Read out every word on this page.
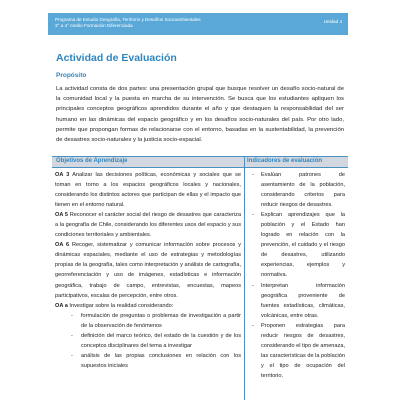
Programa de Estudio Geografía, Territorio y Desafíos Socioambientales
3° a 4° medio Formación Diferenciada
Unidad 4
Actividad de Evaluación
Propósito

La actividad consta de dos partes: una presentación grupal que busque resolver un desafío socio-natural de la comunidad local y la puesta en marcha de su intervención. Se busca que los estudiantes apliquen los principales conceptos geográficos aprendidos durante el año y que destaquen la responsabilidad del ser humano en las dinámicas del espacio geográfico y en los desafíos socio-naturales del país. Por otro lado, permite que propongan formas de relacionarse con el entorno, basadas en la sustentabilidad, la prevención de desastres socio-naturales y la justicia socio-espacial.

Objetivos de Aprendizaje	Indicadores de evaluación

OA 3 Analizar las decisiones políticas, económicas y sociales que se toman en torno a los espacios geográficos locales y nacionales, considerando los distintos actores que participan de ellas y el impacto que tienen en el entorno natural.

OA 5 Reconocer el carácter social del riesgo de desastres que caracteriza a la geografía de Chile, considerando los diferentes usos del espacio y sus condiciones territoriales y ambientales.

OA 6 Recoger, sistematizar y comunicar información sobre procesos y dinámicas espaciales, mediante el uso de estrategias y metodologías propias de la geografía, tales como interpretación y análisis de cartografía, georreferenciación y uso de imágenes, estadísticas e información geográfica, trabajo de campo, entrevistas, encuestas, mapeos participativos, escalas de percepción, entre otros.

OA a Investigar sobre la realidad considerando:

- formulación de preguntas o problemas de investigación a partir de la observación de fenómenos
- definición del marco teórico, del estado de la cuestión y de los conceptos disciplinares del tema a investigar
- análisis de las propias conclusiones en relación con los supuestos iniciales
- Evalúan patrones de asentamiento de la población, considerando criterios para reducir riesgos de desastres.
- Explican aprendizajes que la población y el Estado han logrado en relación con la prevención, el cuidado y el riesgo de desastres, utilizando experiencias, ejemplos y normativa.
- Interpretan información geográfica proveniente de fuentes estadísticas, climáticas, volcánicas, entre otras.
- Proponen estrategias para reducir riesgos de desastres, considerando el tipo de amenaza, las características de la población y el tipo de ocupación del territorio.
